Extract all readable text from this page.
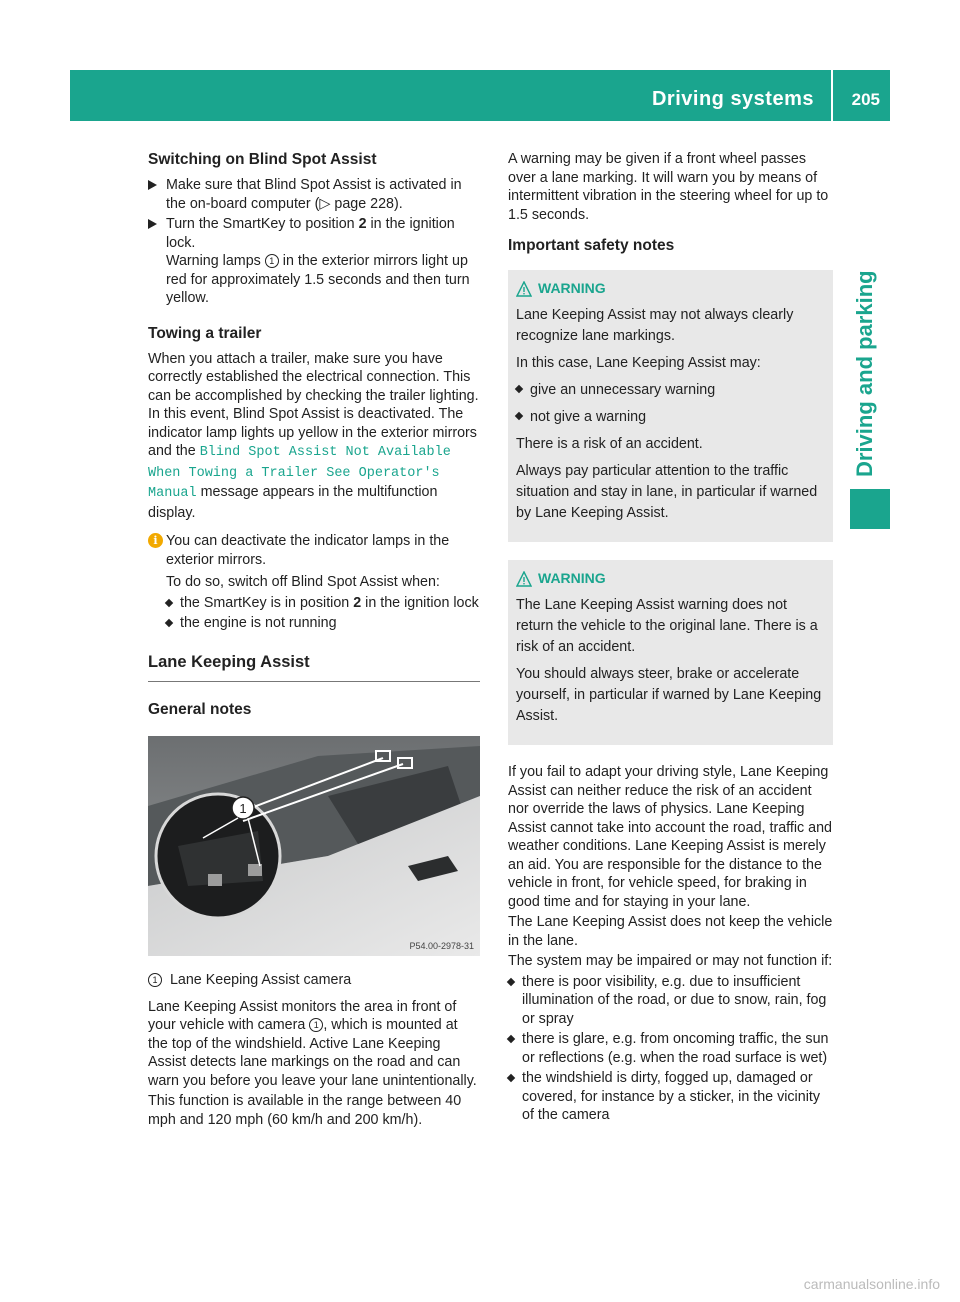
Driving systems 205
Driving and parking
Switching on Blind Spot Assist
Make sure that Blind Spot Assist is activated in the on-board computer (▷ page 228).
Turn the SmartKey to position 2 in the ignition lock.
Warning lamps 1 in the exterior mirrors light up red for approximately 1.5 seconds and then turn yellow.
Towing a trailer

When you attach a trailer, make sure you have correctly established the electrical connection. This can be accomplished by checking the trailer lighting. In this event, Blind Spot Assist is deactivated. The indicator lamp lights up yellow in the exterior mirrors and the Blind Spot Assist Not Available When Towing a Trailer See Operator's Manual message appears in the multifunction display.

i You can deactivate the indicator lamps in the exterior mirrors.

To do so, switch off Blind Spot Assist when:

the SmartKey is in position 2 in the ignition lock
the engine is not running
Lane Keeping Assist
General notes
1
P54.00-2978-31

1 Lane Keeping Assist camera

Lane Keeping Assist monitors the area in front of your vehicle with camera 1 , which is mounted at the top of the windshield. Active Lane Keeping Assist detects lane markings on the road and can warn you before you leave your lane unintentionally.

This function is available in the range between 40 mph and 120 mph (60 km/h and 200 km/h).

A warning may be given if a front wheel passes over a lane marking. It will warn you by means of intermittent vibration in the steering wheel for up to 1.5 seconds.

Important safety notes
WARNING

Lane Keeping Assist may not always clearly recognize lane markings.

In this case, Lane Keeping Assist may:

give an unnecessary warning
not give a warning

There is a risk of an accident.

Always pay particular attention to the traffic situation and stay in lane, in particular if warned by Lane Keeping Assist.

WARNING

The Lane Keeping Assist warning does not return the vehicle to the original lane. There is a risk of an accident.

You should always steer, brake or accelerate yourself, in particular if warned by Lane Keeping Assist.

If you fail to adapt your driving style, Lane Keeping Assist can neither reduce the risk of an accident nor override the laws of physics. Lane Keeping Assist cannot take into account the road, traffic and weather conditions. Lane Keeping Assist is merely an aid. You are responsible for the distance to the vehicle in front, for vehicle speed, for braking in good time and for staying in your lane.

The Lane Keeping Assist does not keep the vehicle in the lane.

The system may be impaired or may not function if:

there is poor visibility, e.g. due to insufficient illumination of the road, or due to snow, rain, fog or spray
there is glare, e.g. from oncoming traffic, the sun or reflections (e.g. when the road surface is wet)
the windshield is dirty, fogged up, damaged or covered, for instance by a sticker, in the vicinity of the camera
carmanualsonline.info
